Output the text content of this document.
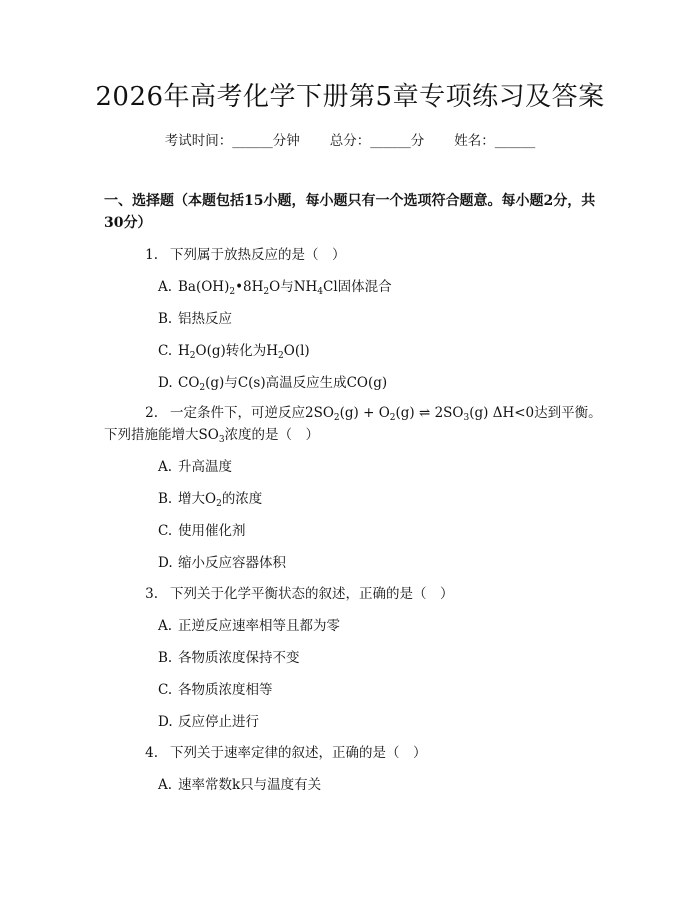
2026年高考化学下册第5章专项练习及答案
考试时间：______分钟 总分：______分 姓名：______
一、选择题（本题包括15小题，每小题只有一个选项符合题意。每小题2分，共30分）
1. 下列属于放热反应的是（　）
A. $Ba(OH)_2•8H_2O$与$NH_4Cl$固体混合
B. 铝热反应
C. $H_2O(g)$转化为$H_2O(l)$
D. $CO_2(g)$与C(s)高温反应生成CO(g)
2. 一定条件下，可逆反应$2SO_2(g) + O_2(g)$ ⇌ $2SO_3(g)$ ΔH<0达到平衡。下列措施能增大$SO_3$浓度的是（　）
A. 升高温度
B. 增大$O_2$的浓度
C. 使用催化剂
D. 缩小反应容器体积
3. 下列关于化学平衡状态的叙述，正确的是（　）
A. 正逆反应速率相等且都为零
B. 各物质浓度保持不变
C. 各物质浓度相等
D. 反应停止进行
4. 下列关于速率定律的叙述，正确的是（　）
A. 速率常数k只与温度有关
